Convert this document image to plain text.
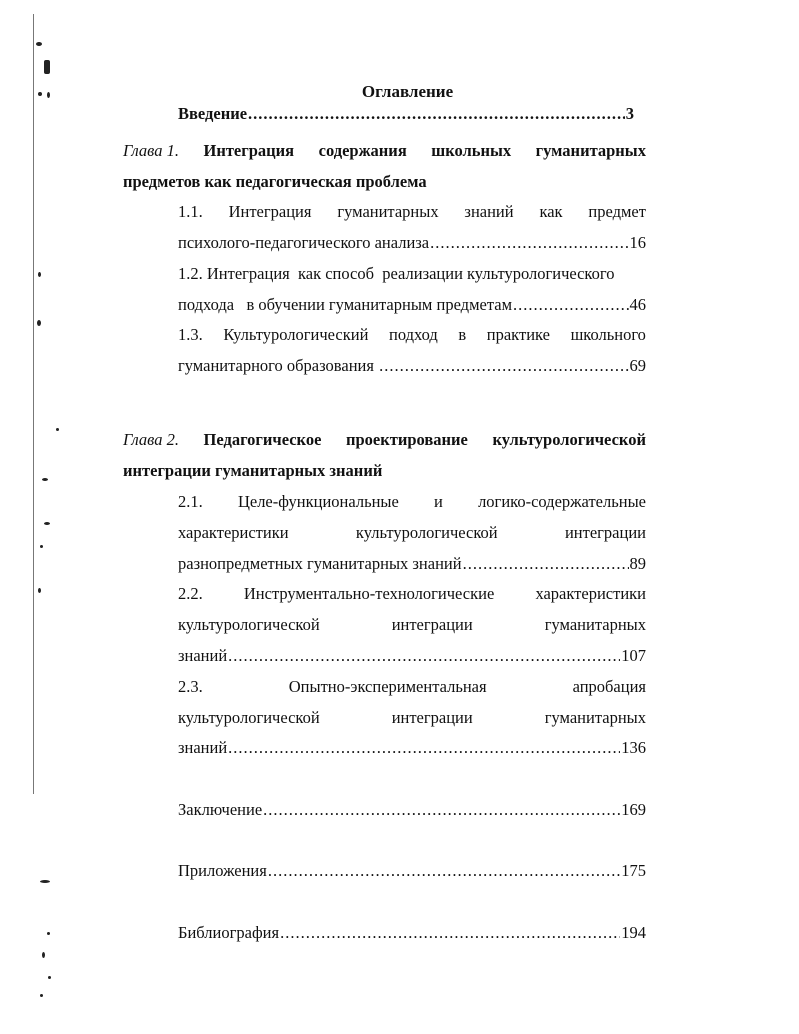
Оглавление
Введение .....	3
Глава 1. Интеграция содержания школьных гуманитарных
предметов как педагогическая проблема
1.1. Интеграция гуманитарных знаний как предмет
психолого-педагогического анализа .....	16
1.2. Интеграция  как способ  реализации культурологического
подхода   в обучении гуманитарным предметам .....	46
1.3. Культурологический подход в практике школьного
гуманитарного образования .....	69
Глава 2. Педагогическое проектирование культурологической
интеграции гуманитарных знаний
2.1. Целе-функциональные и логико-содержательные
характеристики	культурологической	интеграции
разнопредметных гуманитарных знаний .....	89
2.2. Инструментально-технологические характеристики
культурологической	интеграции	гуманитарных
знаний .....	107
2.3.	Опытно-экспериментальная	апробация
культурологической	интеграции	гуманитарных
знаний .....	136
Заключение .....	169
Приложения .....	175
Библиография .....	194
